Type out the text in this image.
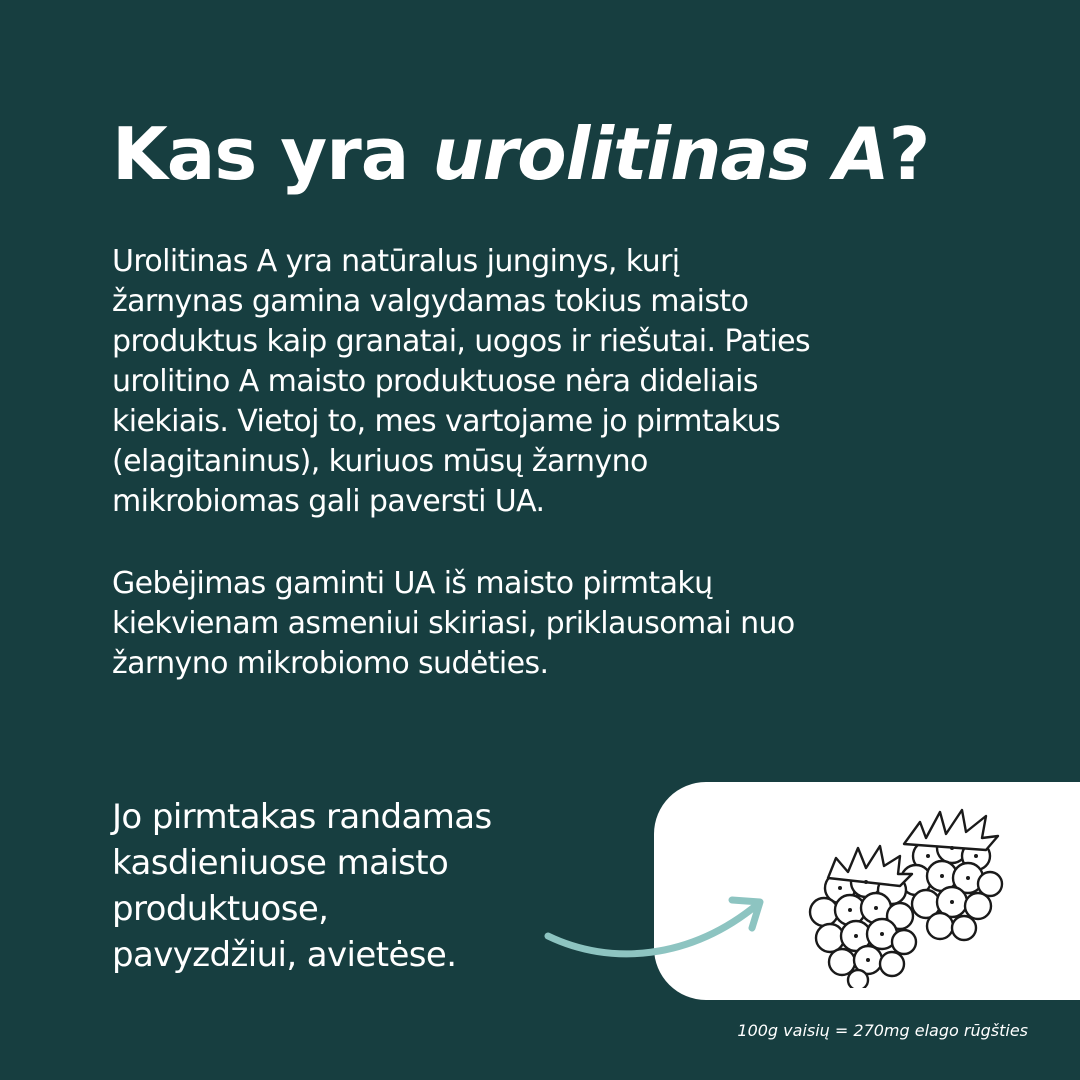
Kas yra urolitinas A?

Urolitinas A yra natūralus junginys, kurį
žarnynas gamina valgydamas tokius maisto
produktus kaip granatai, uogos ir riešutai. Paties
urolitino A maisto produktuose nėra dideliais
kiekiais. Vietoj to, mes vartojame jo pirmtakus
(elagitaninus), kuriuos mūsų žarnyno
mikrobiomas gali paversti UA.

Gebėjimas gaminti UA iš maisto pirmtakų
kiekvienam asmeniui skiriasi, priklausomai nuo
žarnyno mikrobiomo sudėties.

Jo pirmtakas randamas
kasdieniuose maisto
produktuose,
pavyzdžiui, avietėse.

100g vaisių = 270mg elago rūgšties
